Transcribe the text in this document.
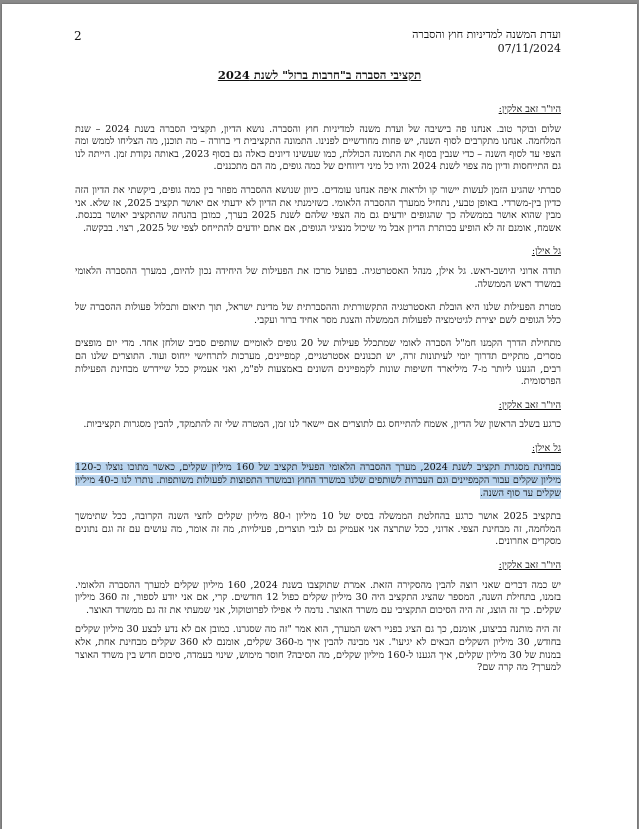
2	ועדת המשנה למדיניות חוץ והסברה
07/11/2024
תקציבי הסברה ב"חרבות ברזל" לשנת 2024
היו"ר זאב אלקין:
שלום ובוקר טוב. אנחנו פה בישיבה של ועדת משנה למדיניות חוץ והסברה. נושא הדיון, תקציבי הסברה בשנת 2024 – שנת המלחמה. אנחנו מתקרבים לסוף השנה, יש פחות מחודשיים לפנינו. התמונה התקציבית די ברורה – מה תוכנן, מה הצליחו לממש ומה הצפי עד לסוף השנה – כדי שנבין בסוף את התמונה הכוללת, כמו שעשינו דיונים כאלה גם בסוף 2023, באותה נקודת זמן. הייתה לנו גם התייחסות ודיון מה צפוי לשנת 2024 והיו כל מיני דיווחים של כמה גופים, מה הם מתכננים.
סברתי שהגיע הזמן לעשות יישור קו ולראות איפה אנחנו עומדים. כיוון שנושא ההסברה מפוזר בין כמה גופים, ביקשתי את הדיון הזה כדיון בין-משרדי. באופן טבעי, נתחיל ממערך ההסברה הלאומי. כשזימנתי את הדיון לא ידעתי אם יאושר תקציב 2025, אז שלא. אני מבין שהוא אושר בממשלה כך שהגופים יודעים גם מה הצפי שלהם לשנת 2025 בערך, כמובן בהנחה שהתקציב יאושר בכנסת. אשמח, אומנם זה לא הופיע בכותרת הדיון אבל מי שיכול מנציגי הגופים, אם אתם יודעים להתייחס לצפי של 2025, רצוי. בבקשה.
גל אילן:
תודה אדוני היושב-ראש. גל אילן, מנהל האסטרטגיה. בפועל מרכז את הפעילות של היחידה נכון להיום, במערך ההסברה הלאומי במשרד ראש הממשלה.
מטרת הפעילות שלנו היא הובלת האסטרטגיה התקשורתית וההסברתית של מדינת ישראל, תוך תיאום ותכלול פעולות ההסברה של כלל הגופים לשם יצירת לגיטימציה לפעולות הממשלה והצגת מסר אחיד ברור ועקבי.
מתחילת הדרך הקמנו חמ"ל הסברה לאומי שמתכלל פעילות של 20 גופים לאומיים שותפים סביב שולחן אחד. מדי יום מופצים מסרים, מתקיים תדרוך יומי לעיתונות זרה, יש תכנונים אסטרטגיים, קמפיינים, מערכות לתרחישי ייחוס ועוד. התוצרים שלנו הם רבים, הגענו ליותר מ-7 מיליארד חשיפות שונות לקמפיינים השונים באמצעות לפ"מ, ואני אעמיק ככל שיידרש מבחינת הפעילות הפרסומית.
היו"ר זאב אלקין:
כרגע בשלב הראשון של הדיון, אשמח להתייחס גם לתוצרים אם יישאר לנו זמן, המטרה שלי זה להתמקד, להבין מסגרות תקציביות.
גל אילן:
מבחינת מסגרת תקציב לשנת 2024, מערך ההסברה הלאומי הפעיל תקציב של 160 מיליון שקלים, כאשר מתוכו נוצלו כ-120 מיליון שקלים עבור הקמפיינים וגם העברות לשותפים שלנו במשרד החוץ ובמשרד התפוצות לפעולות משותפות. נותרו לנו כ-40 מיליון שקלים עד סוף השנה.
בתקציב 2025 אושר כרגע בהחלטת הממשלה בסיס של 10 מיליון ו-80 מיליון שקלים לחצי השנה הקרובה, ככל שתימשך המלחמה, זה מבחינת הצפי. אדוני, ככל שתרצה אני אעמיק גם לגבי תוצרים, פעילויות, מה זה אומר, מה עושים עם זה וגם נתונים מסקרים אחרונים.
היו"ר זאב אלקין:
יש כמה דברים שאני רוצה להבין מהסקירה הזאת. אמרת שתוקצבו בשנת 2024, 160 מיליון שקלים למערך ההסברה הלאומי. בזמנו, בתחילת השנה, המספר שהציג התקציב היה 30 מיליון שקלים כפול 12 חודשים. קרי, אם אני יודע לספור, זה 360 מיליון שקלים. כך זה הוצג, זה היה הסיכום התקציבי עם משרד האוצר. נדמה לי אפילו לפרוטוקול, אני שמעתי את זה גם ממשרד האוצר.
זה היה מותנה בביצוע, אומנם, כך גם הציג בפניי ראש המערך, הוא אמר "זה מה שסגרנו. כמובן אם לא נדע לבצע 30 מיליון שקלים בחודש, 30 מיליון השקלים הבאים לא יגיעו". אני מבינה להבין איך מ-360 שקלים, אומנם לא 360 שקלים מבחינת אחת, אלא במנות של 30 מיליון שקלים, איך הגענו ל-160 מיליון שקלים, מה הסיבה? חוסר מימוש, שינוי בעמדה, סיכום חדש בין משרד האוצר למערך? מה קרה שם?
